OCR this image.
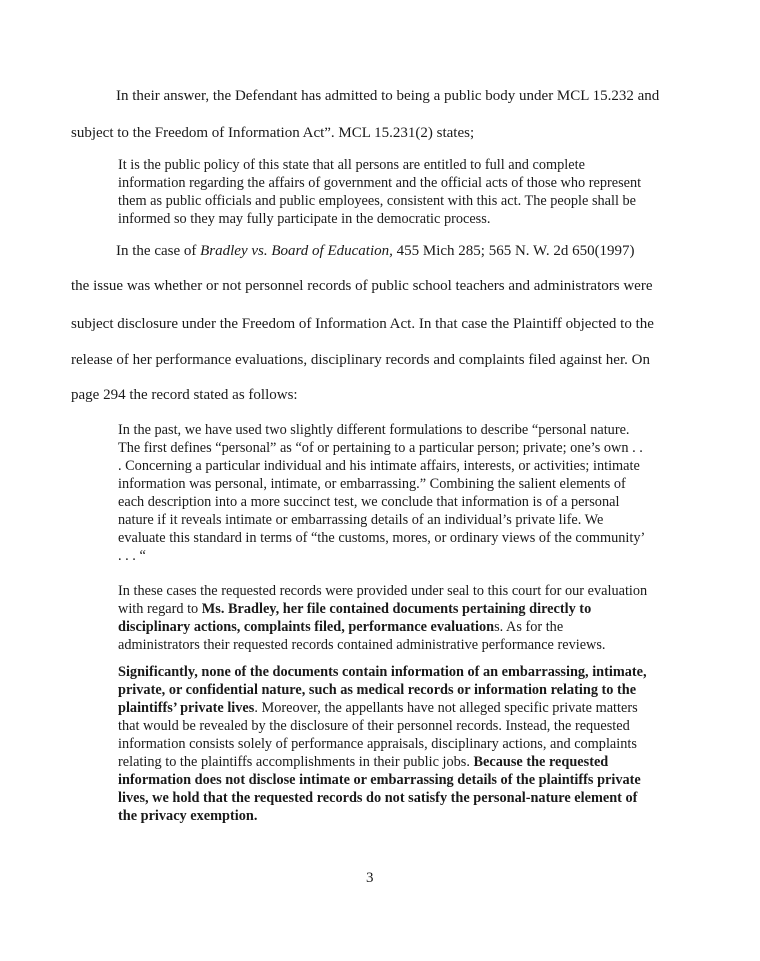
In their answer, the Defendant has admitted to being a public body under MCL 15.232 and
subject to the Freedom of Information Act”. MCL 15.231(2) states;

It is the public policy of this state that all persons are entitled to full and complete information regarding the affairs of government and the official acts of those who represent them as public officials and public employees, consistent with this act. The people shall be informed so they may fully participate in the democratic process.

In the case of Bradley vs. Board of Education, 455 Mich 285; 565 N. W. 2d 650(1997)
the issue was whether or not personnel records of public school teachers and administrators were
subject disclosure under the Freedom of Information Act. In that case the Plaintiff objected to the
release of her performance evaluations, disciplinary records and complaints filed against her. On
page 294 the record stated as follows:

In the past, we have used two slightly different formulations to describe “personal nature. The first defines “personal” as “of or pertaining to a particular person; private; one’s own . . . Concerning a particular individual and his intimate affairs, interests, or activities; intimate information was personal, intimate, or embarrassing.” Combining the salient elements of each description into a more succinct test, we conclude that information is of a personal nature if it reveals intimate or embarrassing details of an individual’s private life. We evaluate this standard in terms of “the customs, mores, or ordinary views of the community’ . . . “

In these cases the requested records were provided under seal to this court for our evaluation with regard to Ms. Bradley, her file contained documents pertaining directly to disciplinary actions, complaints filed, performance evaluations. As for the administrators their requested records contained administrative performance reviews.

Significantly, none of the documents contain information of an embarrassing, intimate, private, or confidential nature, such as medical records or information relating to the plaintiffs’ private lives. Moreover, the appellants have not alleged specific private matters that would be revealed by the disclosure of their personnel records. Instead, the requested information consists solely of performance appraisals, disciplinary actions, and complaints relating to the plaintiffs accomplishments in their public jobs. Because the requested information does not disclose intimate or embarrassing details of the plaintiffs private lives, we hold that the requested records do not satisfy the personal-nature element of the privacy exemption.

3
